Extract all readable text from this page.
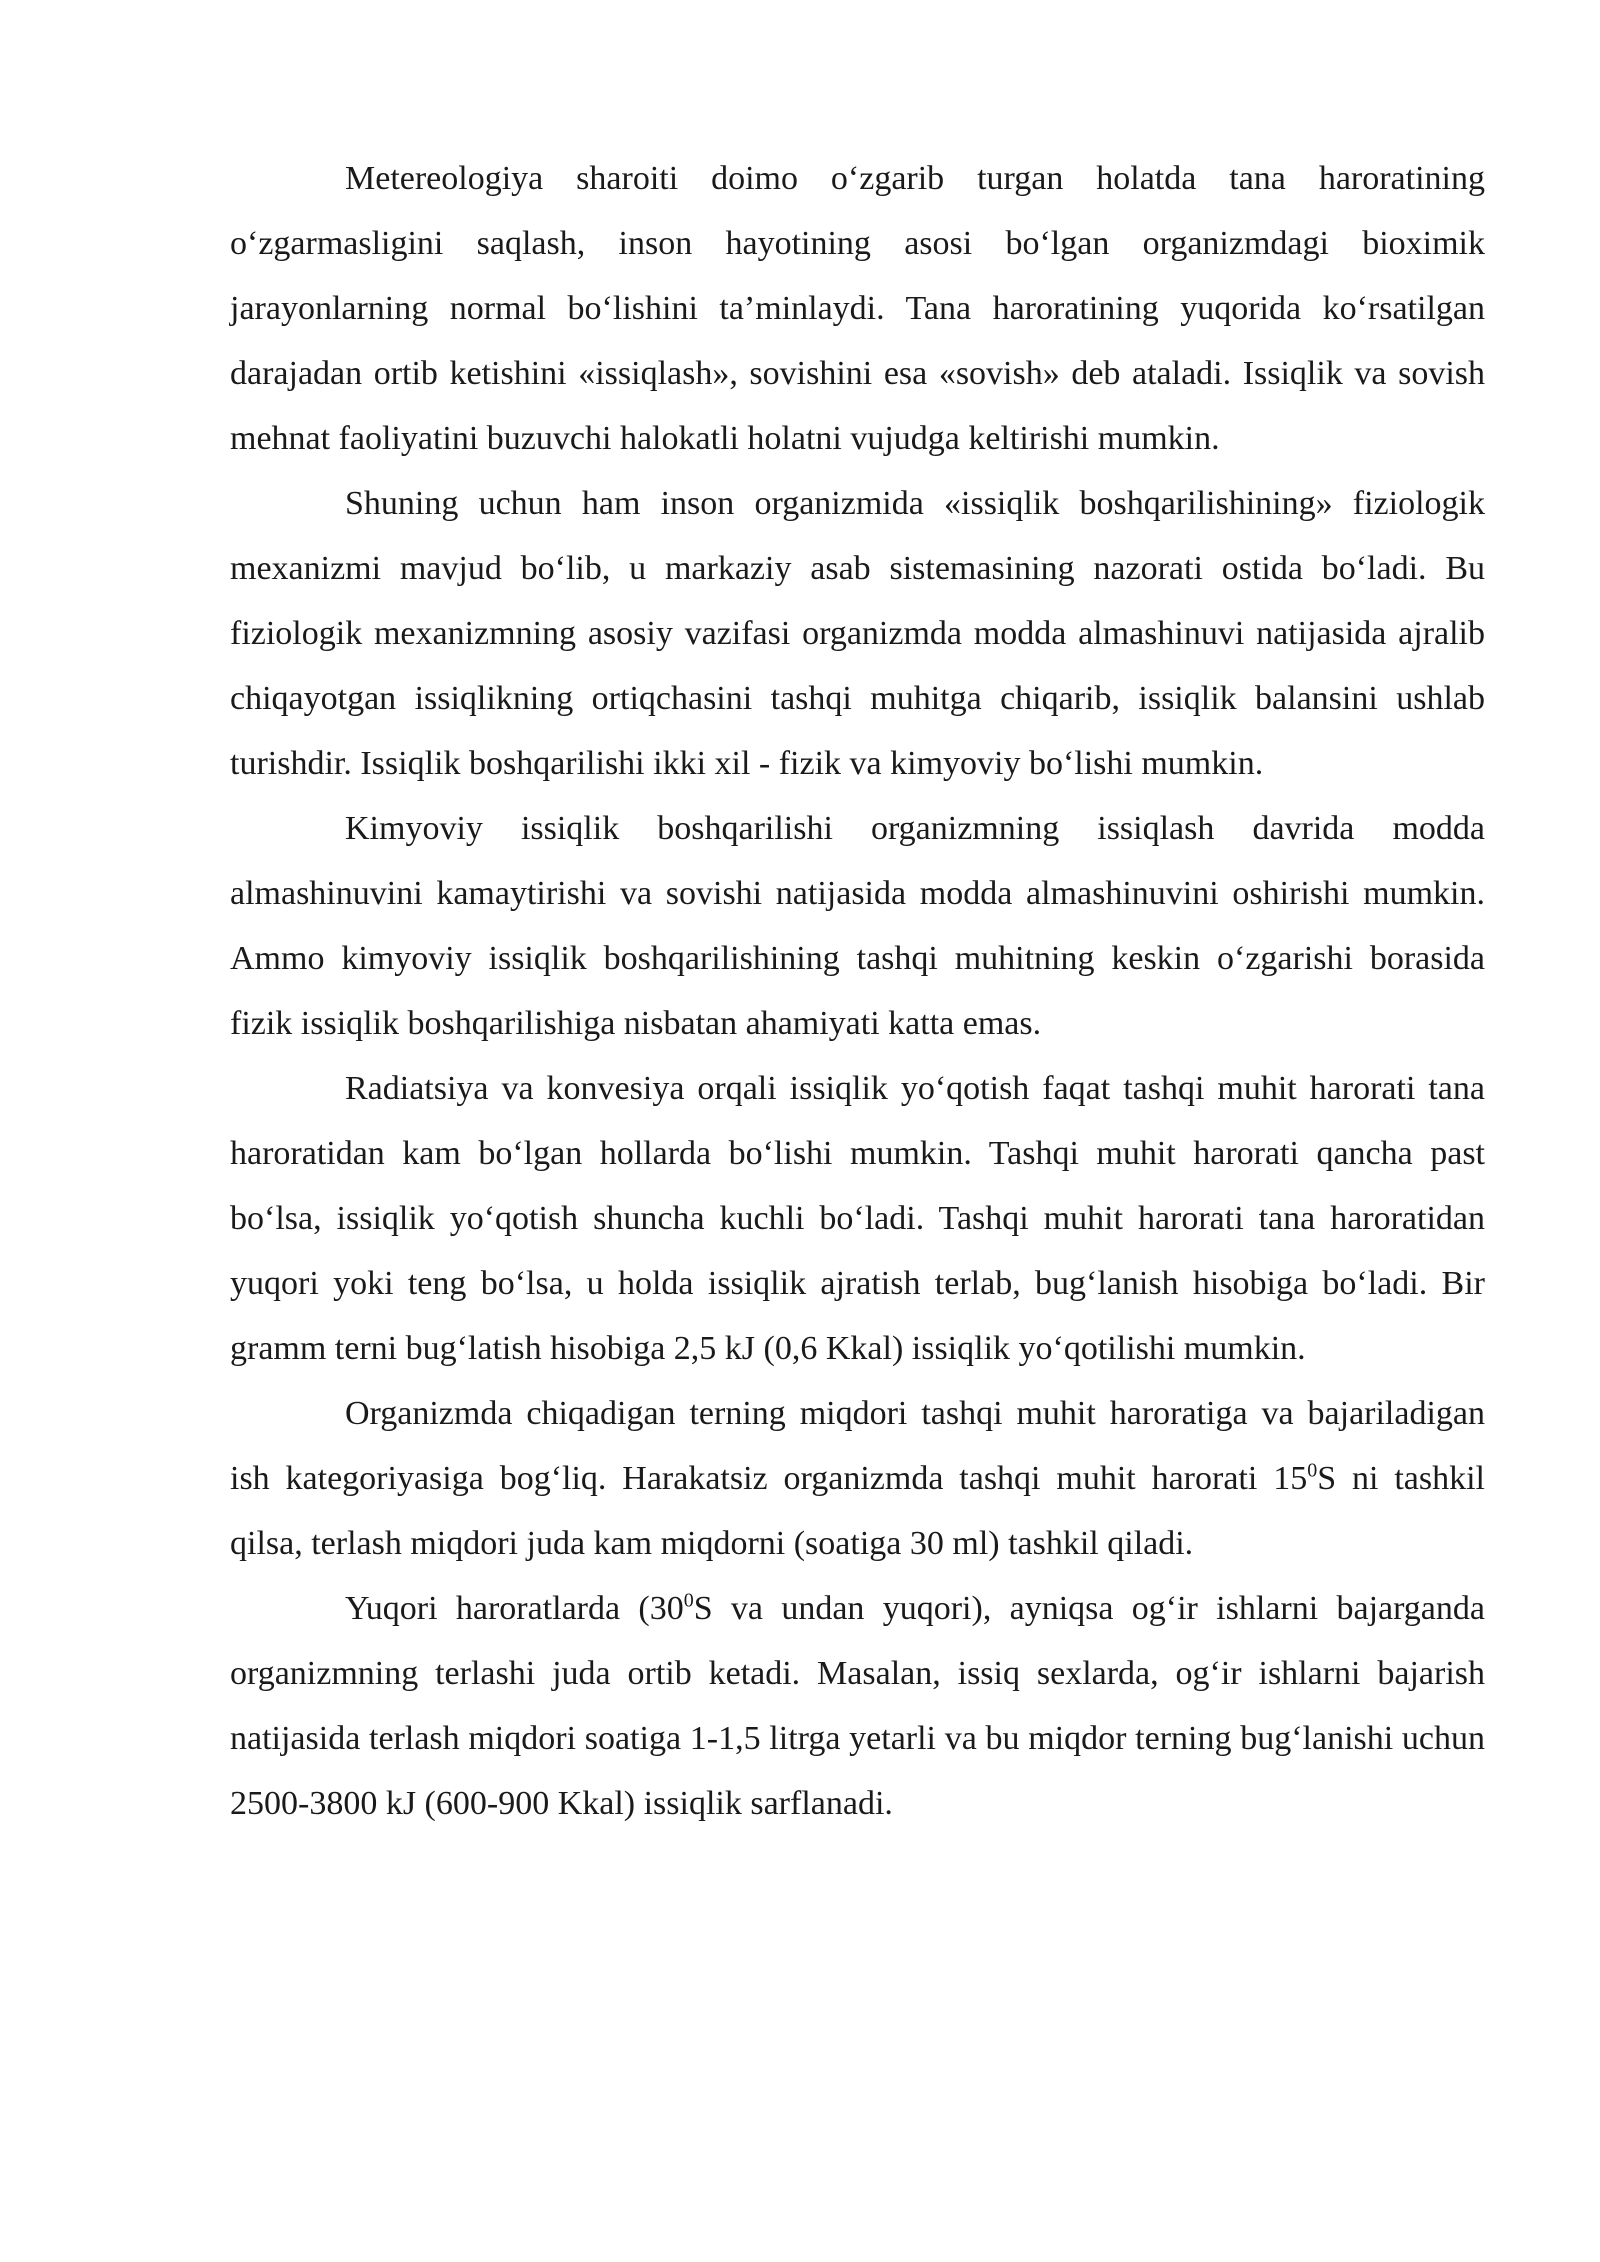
Metereologiya sharoiti doimo o‘zgarib turgan holatda tana haroratining o‘zgarmasligini saqlash, inson hayotining asosi bo‘lgan organizmdagi bioximik jarayonlarning normal bo‘lishini ta’minlaydi. Tana haroratining yuqorida ko‘rsatilgan darajadan ortib ketishini «issiqlash», sovishini esa «sovish» deb ataladi. Issiqlik va sovish mehnat faoliyatini buzuvchi halokatli holatni vujudga keltirishi mumkin.

Shuning uchun ham inson organizmida «issiqlik boshqarilishining» fiziologik mexanizmi mavjud bo‘lib, u markaziy asab sistemasining nazorati ostida bo‘ladi. Bu fiziologik mexanizmning asosiy vazifasi organizmda modda almashinuvi natijasida ajralib chiqayotgan issiqlikning ortiqchasini tashqi muhitga chiqarib, issiqlik balansini ushlab turishdir. Issiqlik boshqarilishi ikki xil - fizik va kimyoviy bo‘lishi mumkin.

Kimyoviy issiqlik boshqarilishi organizmning issiqlash davrida modda almashinuvini kamaytirishi va sovishi natijasida modda almashinuvini oshirishi mumkin. Ammo kimyoviy issiqlik boshqarilishining tashqi muhitning keskin o‘zgarishi borasida fizik issiqlik boshqarilishiga nisbatan ahamiyati katta emas.

Radiatsiya va konvesiya orqali issiqlik yo‘qotish faqat tashqi muhit harorati tana haroratidan kam bo‘lgan hollarda bo‘lishi mumkin. Tashqi muhit harorati qancha past bo‘lsa, issiqlik yo‘qotish shuncha kuchli bo‘ladi. Tashqi muhit harorati tana haroratidan yuqori yoki teng bo‘lsa, u holda issiqlik ajratish terlab, bug‘lanish hisobiga bo‘ladi. Bir gramm terni bug‘latish hisobiga 2,5 kJ (0,6 Kkal) issiqlik yo‘qotilishi mumkin.

Organizmda chiqadigan terning miqdori tashqi muhit haroratiga va bajariladigan ish kategoriyasiga bog‘liq. Harakatsiz organizmda tashqi muhit harorati $15^0S$ ni tashkil qilsa, terlash miqdori juda kam miqdorni (soatiga 30 ml) tashkil qiladi.

Yuqori haroratlarda ($30^0S$ va undan yuqori), ayniqsa og‘ir ishlarni bajarganda organizmning terlashi juda ortib ketadi. Masalan, issiq sexlarda, og‘ir ishlarni bajarish natijasida terlash miqdori soatiga 1-1,5 litrga yetarli va bu miqdor terning bug‘lanishi uchun 2500-3800 kJ (600-900 Kkal) issiqlik sarflanadi.
